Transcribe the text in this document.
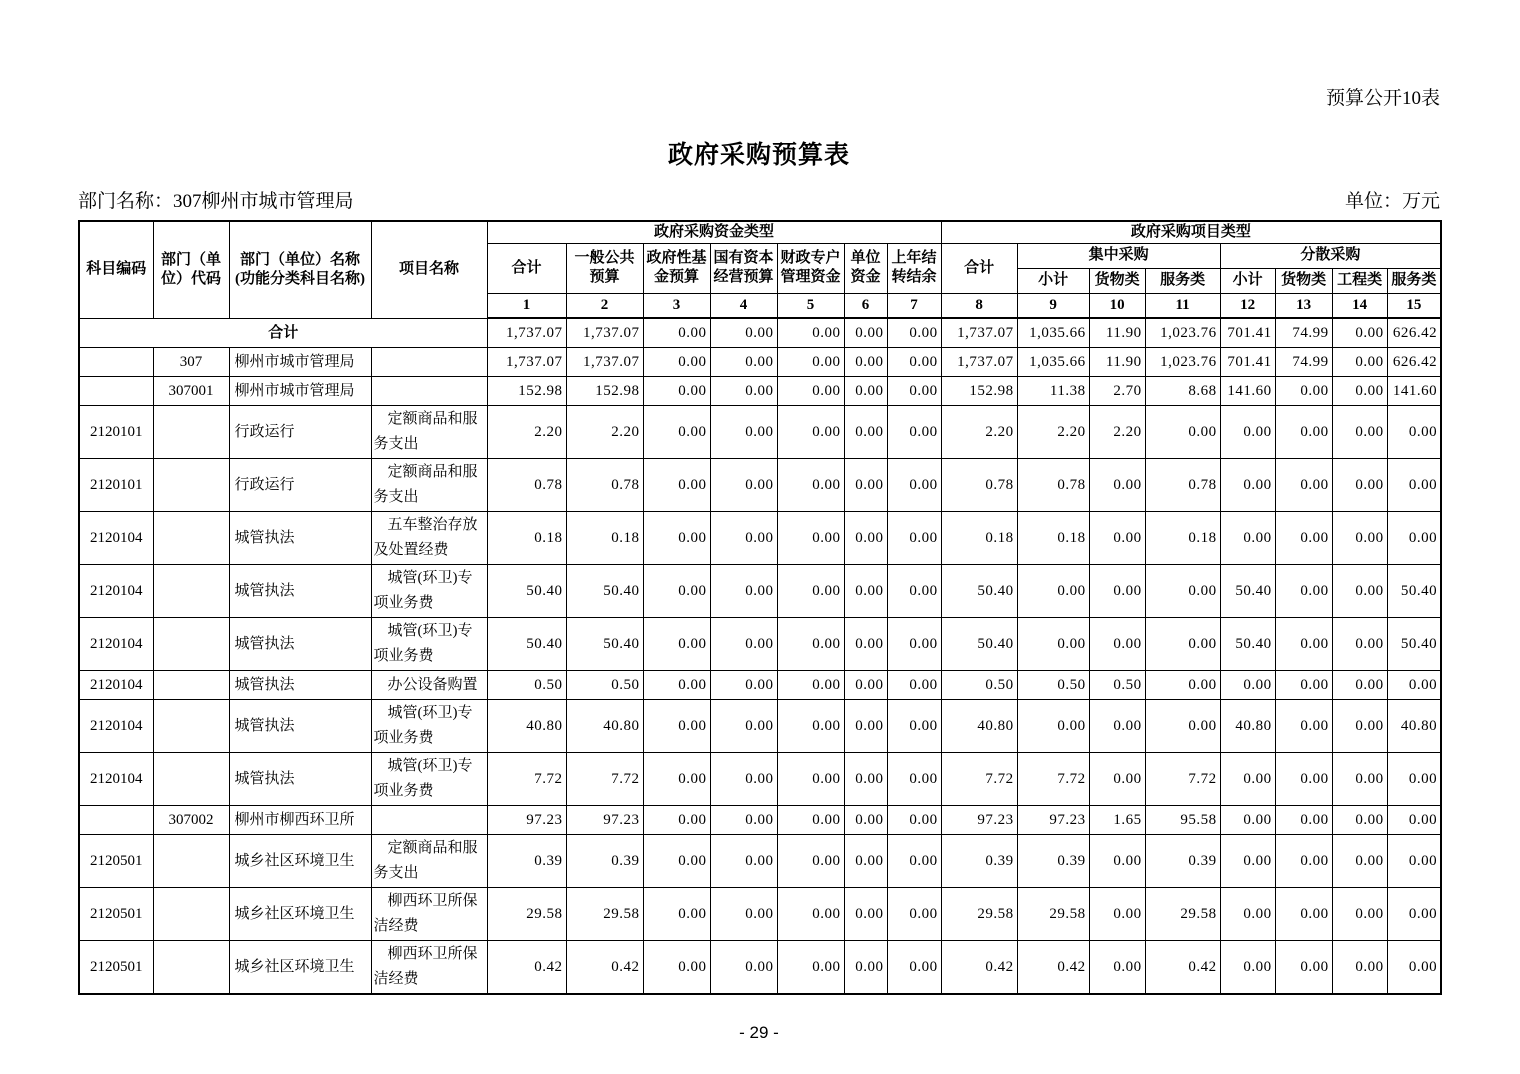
预算公开10表
政府采购预算表
部门名称：307柳州市城市管理局	单位：万元
科目编码	部门（单位）代码	部门（单位）名称(功能分类科目名称)	项目名称	政府采购资金类型							政府采购项目类型							
				合计	一般公共预算	政府性基金预算	国有资本经营预算	财政专户管理资金	单位资金	上年结转结余	合计	集中采购			分散采购			
												小计	货物类	服务类	小计	货物类	工程类	服务类
				1	2	3	4	5	6	7	8	9	10	11	12	13	14	15
合计				1,737.07	1,737.07	0.00	0.00	0.00	0.00	0.00	1,737.07	1,035.66	11.90	1,023.76	701.41	74.99	0.00	626.42
	307	柳州市城市管理局		1,737.07	1,737.07	0.00	0.00	0.00	0.00	0.00	1,737.07	1,035.66	11.90	1,023.76	701.41	74.99	0.00	626.42
	307001	柳州市城市管理局		152.98	152.98	0.00	0.00	0.00	0.00	0.00	152.98	11.38	2.70	8.68	141.60	0.00	0.00	141.60
2120101		行政运行	定额商品和服务支出	2.20	2.20	0.00	0.00	0.00	0.00	0.00	2.20	2.20	2.20	0.00	0.00	0.00	0.00	0.00
2120101		行政运行	定额商品和服务支出	0.78	0.78	0.00	0.00	0.00	0.00	0.00	0.78	0.78	0.00	0.78	0.00	0.00	0.00	0.00
2120104		城管执法	五车整治存放及处置经费	0.18	0.18	0.00	0.00	0.00	0.00	0.00	0.18	0.18	0.00	0.18	0.00	0.00	0.00	0.00
2120104		城管执法	城管(环卫)专项业务费	50.40	50.40	0.00	0.00	0.00	0.00	0.00	50.40	0.00	0.00	0.00	50.40	0.00	0.00	50.40
2120104		城管执法	城管(环卫)专项业务费	50.40	50.40	0.00	0.00	0.00	0.00	0.00	50.40	0.00	0.00	0.00	50.40	0.00	0.00	50.40
2120104		城管执法	办公设备购置	0.50	0.50	0.00	0.00	0.00	0.00	0.00	0.50	0.50	0.50	0.00	0.00	0.00	0.00	0.00
2120104		城管执法	城管(环卫)专项业务费	40.80	40.80	0.00	0.00	0.00	0.00	0.00	40.80	0.00	0.00	0.00	40.80	0.00	0.00	40.80
2120104		城管执法	城管(环卫)专项业务费	7.72	7.72	0.00	0.00	0.00	0.00	0.00	7.72	7.72	0.00	7.72	0.00	0.00	0.00	0.00
	307002	柳州市柳西环卫所		97.23	97.23	0.00	0.00	0.00	0.00	0.00	97.23	97.23	1.65	95.58	0.00	0.00	0.00	0.00
2120501		城乡社区环境卫生	定额商品和服务支出	0.39	0.39	0.00	0.00	0.00	0.00	0.00	0.39	0.39	0.00	0.39	0.00	0.00	0.00	0.00
2120501		城乡社区环境卫生	柳西环卫所保洁经费	29.58	29.58	0.00	0.00	0.00	0.00	0.00	29.58	29.58	0.00	29.58	0.00	0.00	0.00	0.00
2120501		城乡社区环境卫生	柳西环卫所保洁经费	0.42	0.42	0.00	0.00	0.00	0.00	0.00	0.42	0.42	0.00	0.42	0.00	0.00	0.00	0.00
- 29 -
